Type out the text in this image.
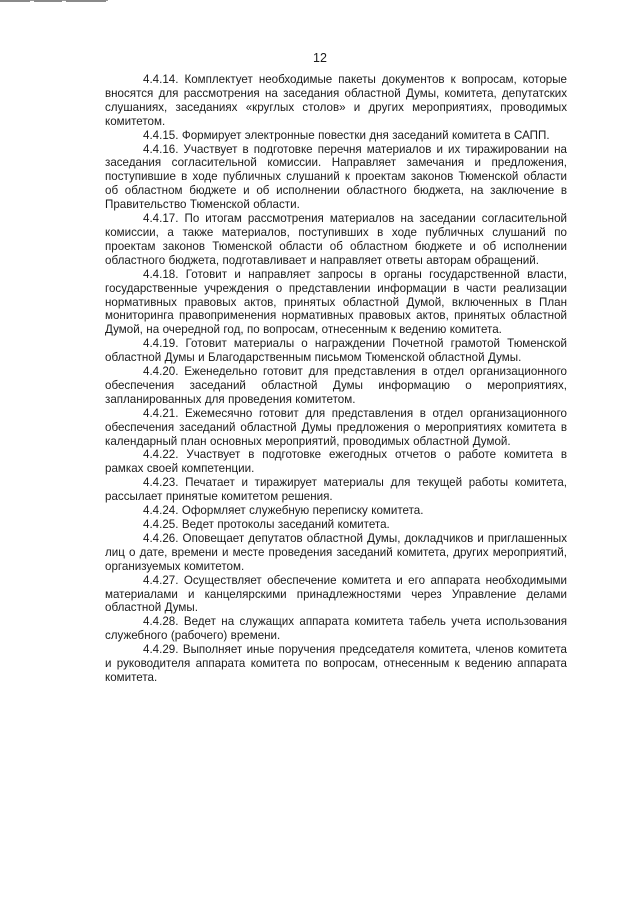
12

4.4.14. Комплектует необходимые пакеты документов к вопросам, которые вносятся для рассмотрения на заседания областной Думы, комитета, депутатских слушаниях, заседаниях «круглых столов» и других мероприятиях, проводимых комитетом.

4.4.15. Формирует электронные повестки дня заседаний комитета в САПП.

4.4.16. Участвует в подготовке перечня материалов и их тиражировании на заседания согласительной комиссии. Направляет замечания и предложения, поступившие в ходе публичных слушаний к проектам законов Тюменской области об областном бюджете и об исполнении областного бюджета, на заключение в Правительство Тюменской области.

4.4.17. По итогам рассмотрения материалов на заседании согласительной комиссии, а также материалов, поступивших в ходе публичных слушаний по проектам законов Тюменской области об областном бюджете и об исполнении областного бюджета, подготавливает и направляет ответы авторам обращений.

4.4.18. Готовит и направляет запросы в органы государственной власти, государственные учреждения о представлении информации в части реализации нормативных правовых актов, принятых областной Думой, включенных в План мониторинга правоприменения нормативных правовых актов, принятых областной Думой, на очередной год, по вопросам, отнесенным к ведению комитета.

4.4.19. Готовит материалы о награждении Почетной грамотой Тюменской областной Думы и Благодарственным письмом Тюменской областной Думы.

4.4.20. Еженедельно готовит для представления в отдел организационного обеспечения заседаний областной Думы информацию о мероприятиях, запланированных для проведения комитетом.

4.4.21. Ежемесячно готовит для представления в отдел организационного обеспечения заседаний областной Думы предложения о мероприятиях комитета в календарный план основных мероприятий, проводимых областной Думой.

4.4.22. Участвует в подготовке ежегодных отчетов о работе комитета в рамках своей компетенции.

4.4.23. Печатает и тиражирует материалы для текущей работы комитета, рассылает принятые комитетом решения.

4.4.24. Оформляет служебную переписку комитета.

4.4.25. Ведет протоколы заседаний комитета.

4.4.26. Оповещает депутатов областной Думы, докладчиков и приглашенных лиц о дате, времени и месте проведения заседаний комитета, других мероприятий, организуемых комитетом.

4.4.27. Осуществляет обеспечение комитета и его аппарата необходимыми материалами и канцелярскими принадлежностями через Управление делами областной Думы.

4.4.28. Ведет на служащих аппарата комитета табель учета использования служебного (рабочего) времени.

4.4.29. Выполняет иные поручения председателя комитета, членов комитета и руководителя аппарата комитета по вопросам, отнесенным к ведению аппарата комитета.
